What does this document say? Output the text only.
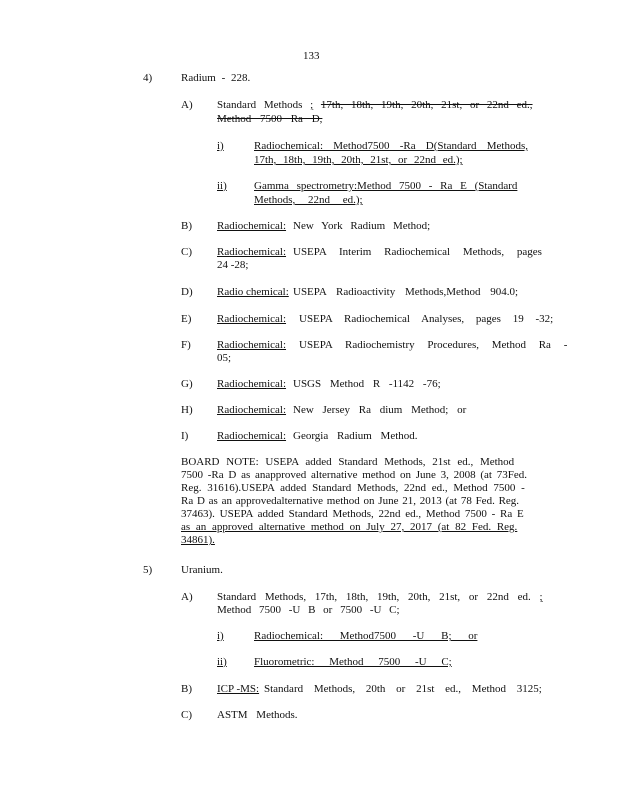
133
4)	Radium - 228.
A) Standard Methods ; 17th, 18th, 19th, 20th, 21st, or 22nd ed.,
Method 7500 Ra D,
i)	Radiochemical: Method7500 -Ra D(Standard Methods,
17th, 18th, 19th, 20th, 21st, or 22nd ed.);
ii) Gamma spectrometry:Method 7500 - Ra E (Standard
Methods, 22nd ed.);
B) Radiochemical: New York Radium Method;
C) Radiochemical: USEPA Interim Radiochemical Methods, pages
24 -28;
D) Radio chemical: USEPA Radioactivity Methods,Method 904.0;
E) Radiochemical: USEPA Radiochemical Analyses, pages 19 -32;
F) Radiochemical: USEPA Radiochemistry Procedures, Method Ra -
05;
G) Radiochemical: USGS Method R -1142 -76;
H) Radiochemical: New Jersey Ra dium Method; or
I)	Radiochemical: Georgia Radium Method.
BOARD NOTE: USEPA added Standard Methods, 21st ed., Method
7500 -Ra D as anapproved alternative method on June 3, 2008 (at 73Fed.
Reg. 31616).USEPA added Standard Methods, 22nd ed., Method 7500 -
Ra D as an approvedalternative method on June 21, 2013 (at 78 Fed. Reg.
37463). USEPA added Standard Methods, 22nd ed., Method 7500 - Ra E
as an approved alternative method on July 27, 2017 (at 82 Fed. Reg.
34861).
5)	Uranium.
A) Standard Methods, 17th, 18th, 19th, 20th, 21st, or 22nd ed. ;
Method 7500 -U B or 7500 -U C;
i)	Radiochemical: Method7500 -U B; or
ii) Fluorometric: Method 7500 -U C;
B) ICP -MS: Standard Methods, 20th or 21st ed., Method 3125;
C) ASTM Methods.
